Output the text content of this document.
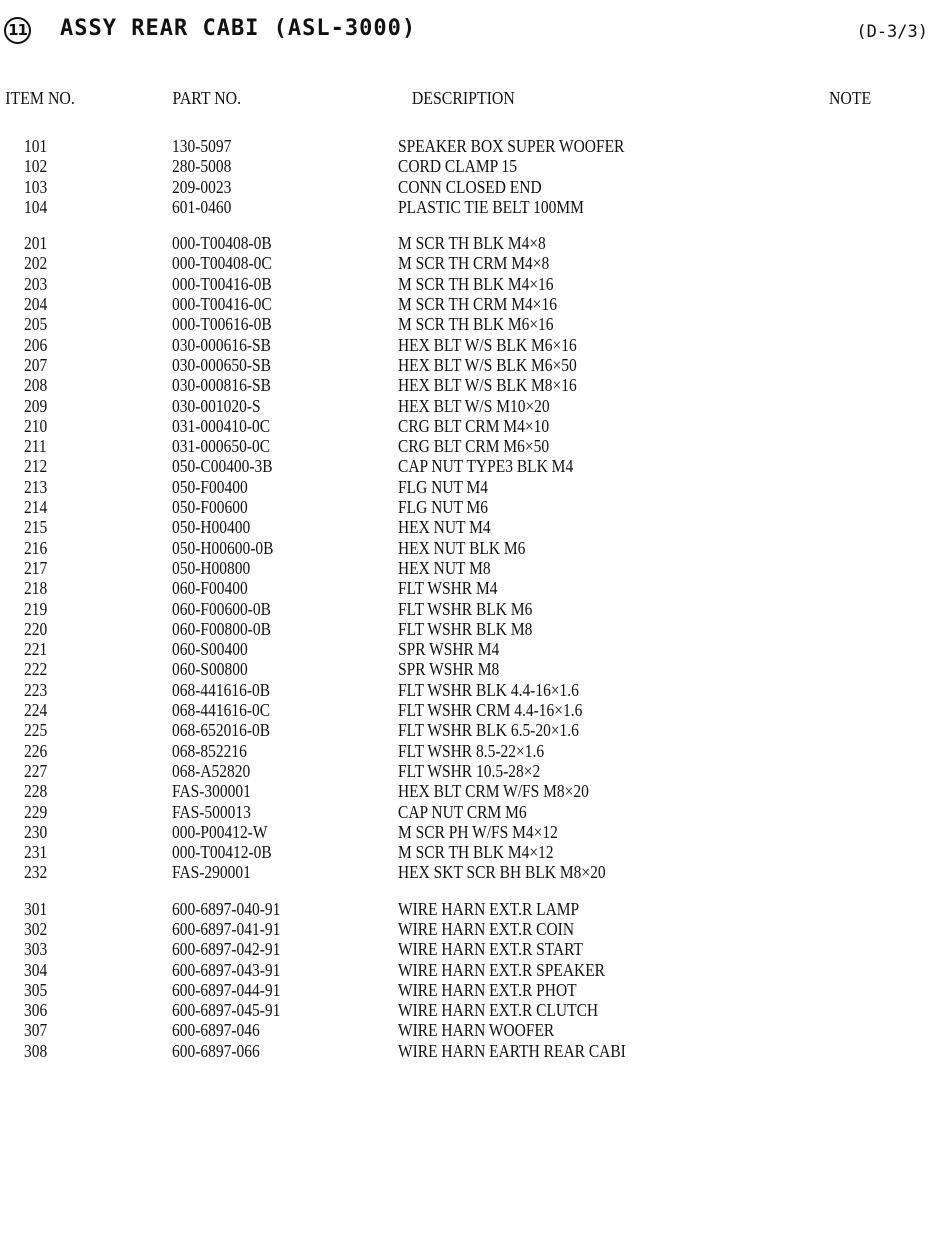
11 ASSY REAR CABI (ASL-3000)	(D-3/3)
ITEM NO.	PART NO.	DESCRIPTION	NOTE
101	130-5097	SPEAKER BOX SUPER WOOFER
102	280-5008	CORD CLAMP 15
103	209-0023	CONN CLOSED END
104	601-0460	PLASTIC TIE BELT 100MM
201	000-T00408-0B	M SCR TH BLK M4×8
202	000-T00408-0C	M SCR TH CRM M4×8
203	000-T00416-0B	M SCR TH BLK M4×16
204	000-T00416-0C	M SCR TH CRM M4×16
205	000-T00616-0B	M SCR TH BLK M6×16
206	030-000616-SB	HEX BLT W/S BLK M6×16
207	030-000650-SB	HEX BLT W/S BLK M6×50
208	030-000816-SB	HEX BLT W/S BLK M8×16
209	030-001020-S	HEX BLT W/S M10×20
210	031-000410-0C	CRG BLT CRM M4×10
211	031-000650-0C	CRG BLT CRM M6×50
212	050-C00400-3B	CAP NUT TYPE3 BLK M4
213	050-F00400	FLG NUT M4
214	050-F00600	FLG NUT M6
215	050-H00400	HEX NUT M4
216	050-H00600-0B	HEX NUT BLK M6
217	050-H00800	HEX NUT M8
218	060-F00400	FLT WSHR M4
219	060-F00600-0B	FLT WSHR BLK M6
220	060-F00800-0B	FLT WSHR BLK M8
221	060-S00400	SPR WSHR M4
222	060-S00800	SPR WSHR M8
223	068-441616-0B	FLT WSHR BLK 4.4-16×1.6
224	068-441616-0C	FLT WSHR CRM 4.4-16×1.6
225	068-652016-0B	FLT WSHR BLK 6.5-20×1.6
226	068-852216	FLT WSHR 8.5-22×1.6
227	068-A52820	FLT WSHR 10.5-28×2
228	FAS-300001	HEX BLT CRM W/FS M8×20
229	FAS-500013	CAP NUT CRM M6
230	000-P00412-W	M SCR PH W/FS M4×12
231	000-T00412-0B	M SCR TH BLK M4×12
232	FAS-290001	HEX SKT SCR BH BLK M8×20
301	600-6897-040-91	WIRE HARN EXT.R LAMP
302	600-6897-041-91	WIRE HARN EXT.R COIN
303	600-6897-042-91	WIRE HARN EXT.R START
304	600-6897-043-91	WIRE HARN EXT.R SPEAKER
305	600-6897-044-91	WIRE HARN EXT.R PHOT
306	600-6897-045-91	WIRE HARN EXT.R CLUTCH
307	600-6897-046	WIRE HARN WOOFER
308	600-6897-066	WIRE HARN EARTH REAR CABI
